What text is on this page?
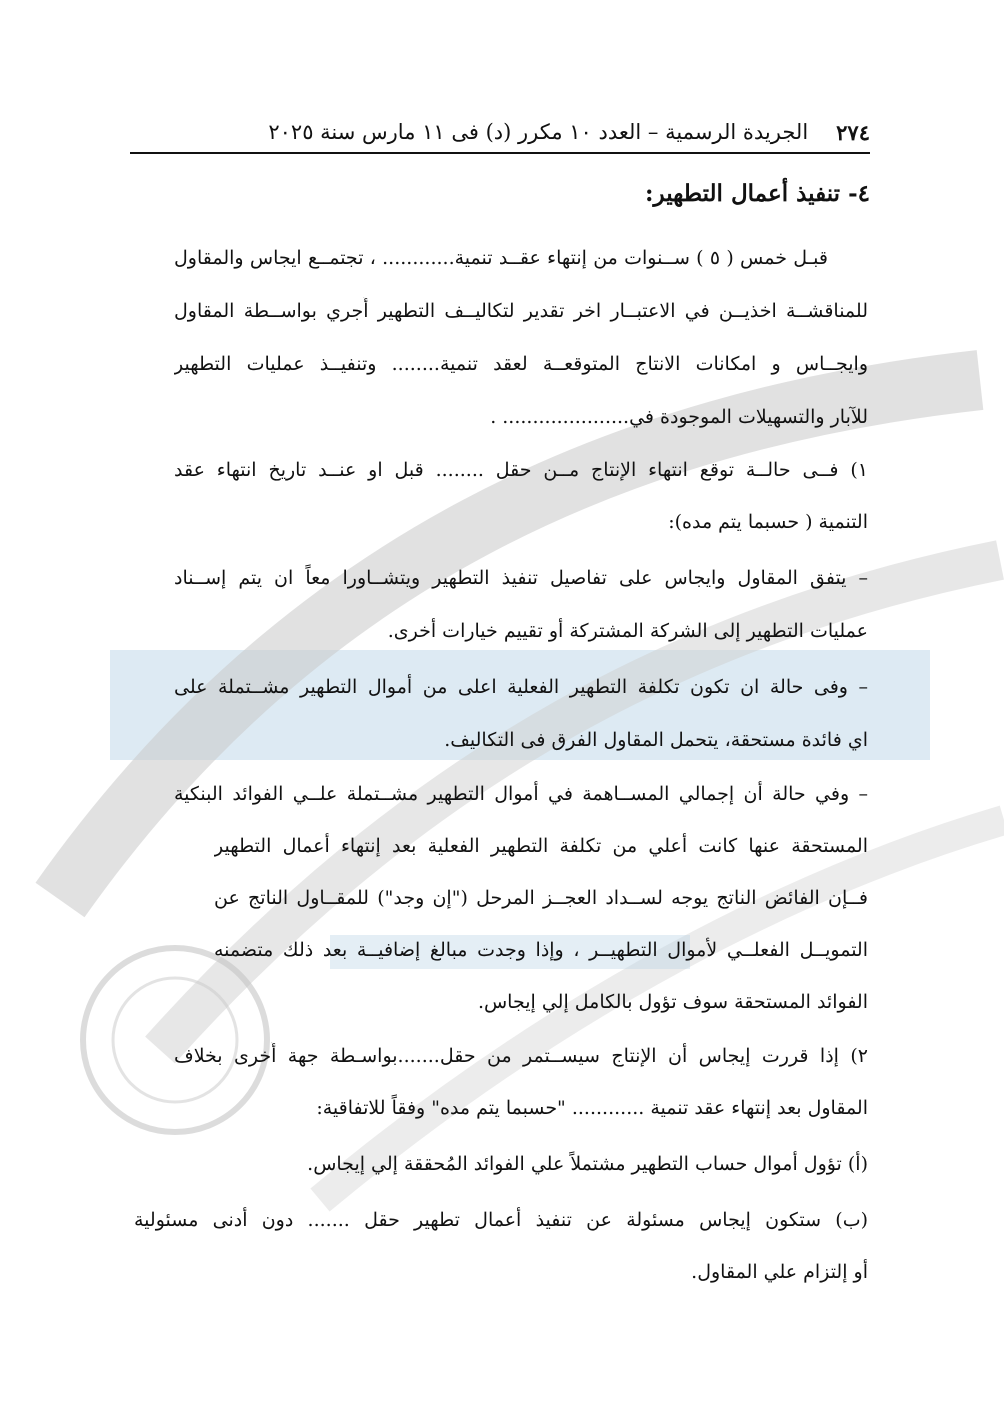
٢٧٤
الجريدة الرسمية – العدد ١٠ مكرر (د) فى ١١ مارس سنة ٢٠٢٥
٤- تنفيذ أعمال التطهير:
قبـل خمس ( ٥ ) ســنوات من إنتهاء عقــد تنمية............ ، تجتمــع ايجاس والمقاول
للمناقشــة اخذيــن في الاعتبــار اخر تقدير لتكاليــف التطهير أُجري بواســطة المقاول
وايجــاس و امكانات الانتاج المتوقعــة لعقد تنمية........ وتنفيــذ عمليات التطهير
للآبار والتسهيلات الموجودة في..................... .
١) فــى حالــة توقع انتهاء الإنتاج مــن حقل ........ قبل او عنــد تاريخ انتهاء عقد
التنمية ( حسبما يتم مده):
– يتفق المقاول وايجاس على تفاصيل تنفيذ التطهير ويتشــاورا معاً ان يتم إســناد
عمليات التطهير إلى الشركة المشتركة أو تقييم خيارات أخرى.
– وفى حالة ان تكون تكلفة التطهير الفعلية اعلى من أموال التطهير مشــتملة على
اي فائدة مستحقة، يتحمل المقاول الفرق فى التكاليف.
– وفي حالة أن إجمالي المســاهمة في أموال التطهير مشــتملة علــي الفوائد البنكية
المستحقة عنها كانت أعلي من تكلفة التطهير الفعلية بعد إنتهاء أعمال التطهير
فــإن الفائض الناتج يوجه لســداد العجــز المرحل ("إن وجد") للمقــاول الناتج عن
التمويــل الفعلــي لأموال التطهيــر ، وإذا وجدت مبالغ إضافيــة بعد ذلك متضمنه
الفوائد المستحقة سوف تؤول بالكامل إلي إيجاس.
٢) إذا قررت إيجاس أن الإنتاج سيســتمر من حقل.......بواسـطة جهة أُخرى بخلاف
المقاول بعد إنتهاء عقد تنمية ............ "حسبما يتم مده" وفقاً للاتفاقية:
(أ) تؤول أموال حساب التطهير مشتملاً علي الفوائد المُحققة إلي إيجاس.
(ب) ستكون إيجاس مسئولة عن تنفيذ أعمال تطهير حقل ....... دون أدنى مسئولية
أو إلتزام علي المقاول.
